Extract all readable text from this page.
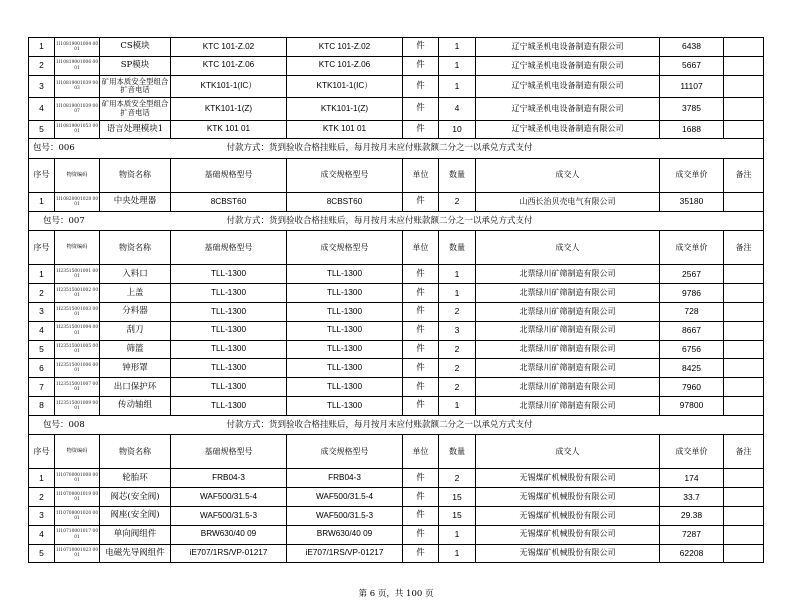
1	1I10819001004 0001	CS模块	KTC 101-Z.02	KTC 101-Z.02	件	1	辽宁城圣机电设备制造有限公司	6438	
2	1I10819001006 0001	SP模块	KTC 101-Z.06	KTC 101-Z.06	件	1	辽宁城圣机电设备制造有限公司	5667	
3	1I10819001039 0003	矿用本质安全型组合扩音电话	KTK101-1(IC）	KTK101-1(IC）	件	1	辽宁城圣机电设备制造有限公司	11107	
4	1I10819001039 0007	矿用本质安全型组合扩音电话	KTK101-1(Z)	KTK101-1(Z)	件	4	辽宁城圣机电设备制造有限公司	3785	
5	1I10819001053 0001	语言处理模块1	KTK 101 01	KTK 101 01	件	10	辽宁城圣机电设备制造有限公司	1688	
包号：006		付款方式：货到验收合格挂账后，每月按月末应付账款额二分之一以承兑方式支付							
序号	物资编码	物资名称	基础规格型号	成交规格型号	单位	数量	成交人	成交单价	备注
1	1I10820001028 0001	中央处理器	8CBST60	8CBST60	件	2	山西长治贝壳电气有限公司	35180	
包号：007		付款方式：货到验收合格挂账后，每月按月末应付账款额二分之一以承兑方式支付							
序号	物资编码	物资名称	基础规格型号	成交规格型号	单位	数量	成交人	成交单价	备注
1	1I23515001001 0001	入料口	TLL-1300	TLL-1300	件	1	北票绿川矿筛制造有限公司	2567	
2	1I23515001002 0001	上盖	TLL-1300	TLL-1300	件	1	北票绿川矿筛制造有限公司	9786	
3	1I23515001003 0001	分料器	TLL-1300	TLL-1300	件	2	北票绿川矿筛制造有限公司	728	
4	1I23515001004 0001	刮刀	TLL-1300	TLL-1300	件	3	北票绿川矿筛制造有限公司	8667	
5	1I23515001005 0001	筛篮	TLL-1300	TLL-1300	件	2	北票绿川矿筛制造有限公司	6756	
6	1I23515001006 0001	钟形罩	TLL-1300	TLL-1300	件	2	北票绿川矿筛制造有限公司	8425	
7	1I23515001007 0001	出口保护环	TLL-1300	TLL-1300	件	2	北票绿川矿筛制造有限公司	7960	
8	1I23515001009 0001	传动轴组	TLL-1300	TLL-1300	件	1	北票绿川矿筛制造有限公司	97800	
包号：008		付款方式：货到验收合格挂账后，每月按月末应付账款额二分之一以承兑方式支付							
序号	物资编码	物资名称	基础规格型号	成交规格型号	单位	数量	成交人	成交单价	备注
1	1I10700001008 0001	轮胎环	FRB04-3	FRB04-3	件	2	无锡煤矿机械股份有限公司	174	
2	1I10708001019 0001	阀芯(安全阀)	WAF500/31.5-4	WAF500/31.5-4	件	15	无锡煤矿机械股份有限公司	33.7	
3	1I10708001020 0001	阀座(安全阀)	WAF500/31.5-3	WAF500/31.5-3	件	15	无锡煤矿机械股份有限公司	29.38	
4	1I10710001017 0001	单向阀组件	BRW630/40 09	BRW630/40 09	件	1	无锡煤矿机械股份有限公司	7287	
5	1I10710001023 0001	电磁先导阀组件	iE707/1RS/VP-01217	iE707/1RS/VP-01217	件	1	无锡煤矿机械股份有限公司	62208	
第 6 页，共 100 页
